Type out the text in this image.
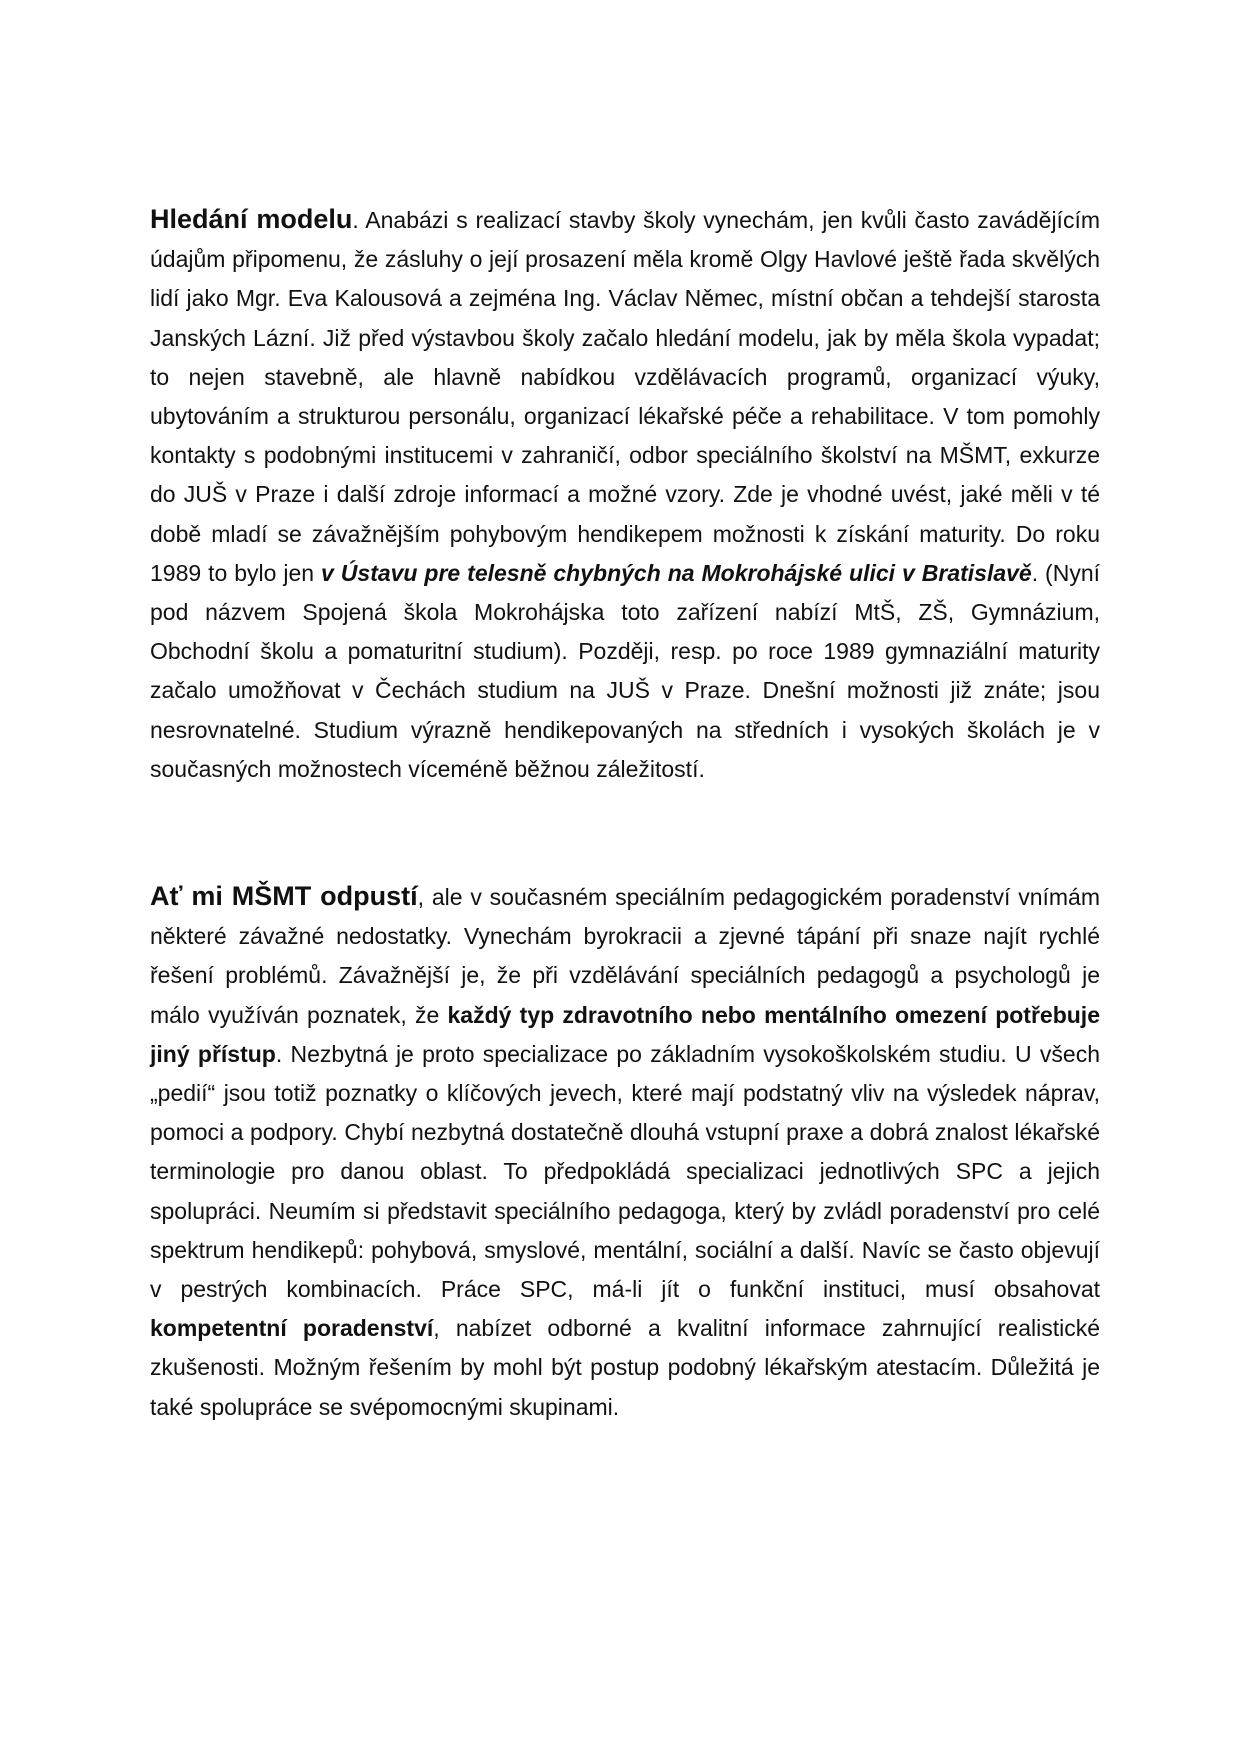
Hledání modelu. Anabázi s realizací stavby školy vynechám, jen kvůli často zavádějícím údajům připomenu, že zásluhy o její prosazení měla kromě Olgy Havlové ještě řada skvělých lidí jako Mgr. Eva Kalousová a zejména Ing. Václav Němec, místní občan a tehdejší starosta Janských Lázní. Již před výstavbou školy začalo hledání modelu, jak by měla škola vypadat; to nejen stavebně, ale hlavně nabídkou vzdělávacích programů, organizací výuky, ubytováním a strukturou personálu, organizací lékařské péče a rehabilitace. V tom pomohly kontakty s podobnými institucemi v zahraničí, odbor speciálního školství na MŠMT, exkurze do JUŠ v Praze i další zdroje informací a možné vzory. Zde je vhodné uvést, jaké měli v té době mladí se závažnějším pohybovým hendikepem možnosti k získání maturity. Do roku 1989 to bylo jen v Ústavu pre telesně chybných na Mokrohájské ulici v Bratislavě. (Nyní pod názvem Spojená škola Mokrohájska toto zařízení nabízí MtŠ, ZŠ, Gymnázium, Obchodní školu a pomaturitní studium). Později, resp. po roce 1989 gymnaziální maturity začalo umožňovat v Čechách studium na JUŠ v Praze. Dnešní možnosti již znáte; jsou nesrovnatelné. Studium výrazně hendikepovaných na středních i vysokých školách je v současných možnostech víceméně běžnou záležitostí.

Ať mi MŠMT odpustí, ale v současném speciálním pedagogickém poradenství vnímám některé závažné nedostatky. Vynechám byrokracii a zjevné tápání při snaze najít rychlé řešení problémů. Závažnější je, že při vzdělávání speciálních pedagogů a psychologů je málo využíván poznatek, že každý typ zdravotního nebo mentálního omezení potřebuje jiný přístup. Nezbytná je proto specializace po základním vysokoškolském studiu. U všech „pedií“ jsou totiž poznatky o klíčových jevech, které mají podstatný vliv na výsledek náprav, pomoci a podpory. Chybí nezbytná dostatečně dlouhá vstupní praxe a dobrá znalost lékařské terminologie pro danou oblast. To předpokládá specializaci jednotlivých SPC a jejich spolupráci. Neumím si představit speciálního pedagoga, který by zvládl poradenství pro celé spektrum hendikepů: pohybová, smyslové, mentální, sociální a další. Navíc se často objevují v pestrých kombinacích. Práce SPC, má-li jít o funkční instituci, musí obsahovat kompetentní poradenství, nabízet odborné a kvalitní informace zahrnující realistické zkušenosti. Možným řešením by mohl být postup podobný lékařským atestacím. Důležitá je také spolupráce se svépomocnými skupinami.
